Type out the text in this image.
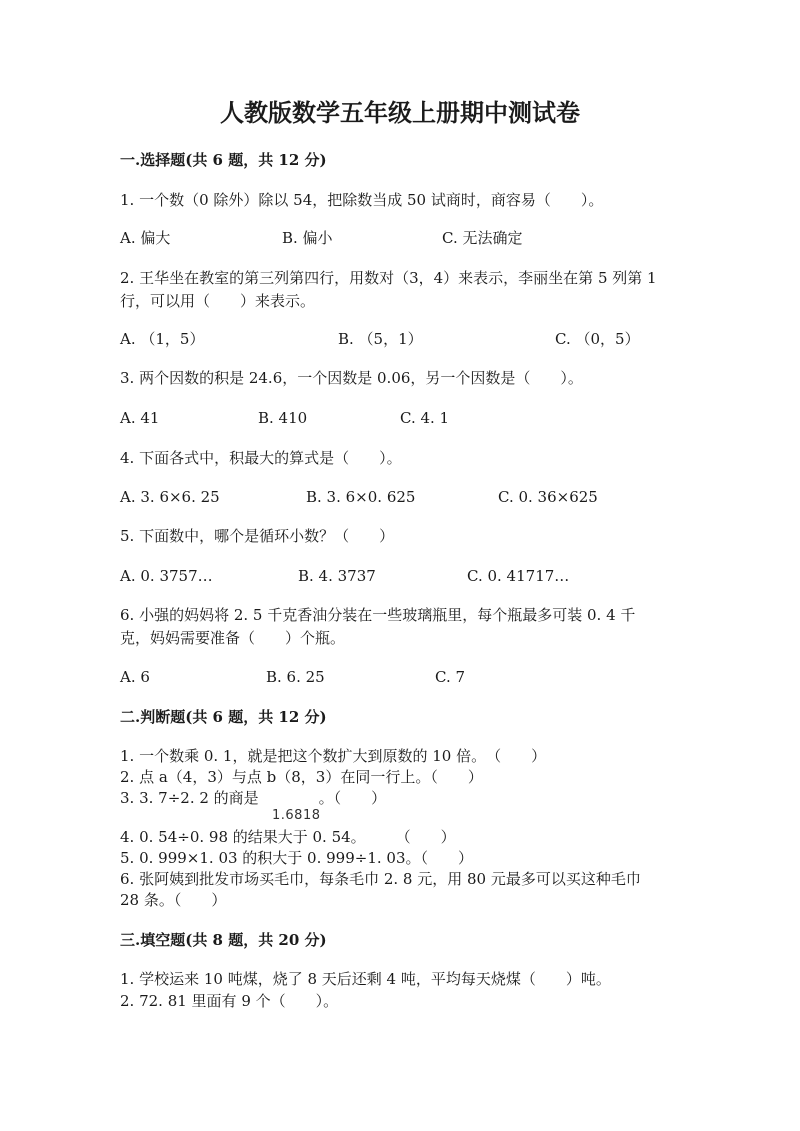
人教版数学五年级上册期中测试卷
一.选择题(共 6 题，共 12 分)
1. 一个数（0 除外）除以 54，把除数当成 50 试商时，商容易（　　）。
A. 偏大	B. 偏小	C. 无法确定
2. 王华坐在教室的第三列第四行，用数对（3，4）来表示，李丽坐在第 5 列第 1
行，可以用（　　）来表示。
A. （1，5）	B. （5，1）	C. （0，5）
3. 两个因数的积是 24.6，一个因数是 0.06，另一个因数是（　　）。
A. 41	B. 410	C. 4. 1
4. 下面各式中，积最大的算式是（　　）。
A. 3. 6×6. 25	B. 3. 6×0. 625	C. 0. 36×625
5. 下面数中，哪个是循环小数？（　　）
A. 0. 3757…	B. 4. 3737	C. 0. 41717…
6. 小强的妈妈将 2. 5 千克香油分装在一些玻璃瓶里，每个瓶最多可装 0. 4 千
克，妈妈需要准备（　　）个瓶。
A. 6	B. 6. 25	C. 7
二.判断题(共 6 题，共 12 分)
1. 一个数乘 0. 1，就是把这个数扩大到原数的 10 倍。　（　　）
2. 点 a（4，3）与点 b（8，3）在同一行上。（　　）
3. 3. 7÷2. 2 的商是　　　　。（　　）
1.6818
4. 0. 54÷0. 98 的结果大于 0. 54。　　　（　　）
5. 0. 999×1. 03 的积大于 0. 999÷1. 03。（　　）
6. 张阿姨到批发市场买毛巾，每条毛巾 2. 8 元，用 80 元最多可以买这种毛巾
28 条。（　　）
三.填空题(共 8 题，共 20 分)
1. 学校运来 10 吨煤，烧了 8 天后还剩 4 吨，平均每天烧煤（　　）吨。
2. 72. 81 里面有 9 个（　　）。
